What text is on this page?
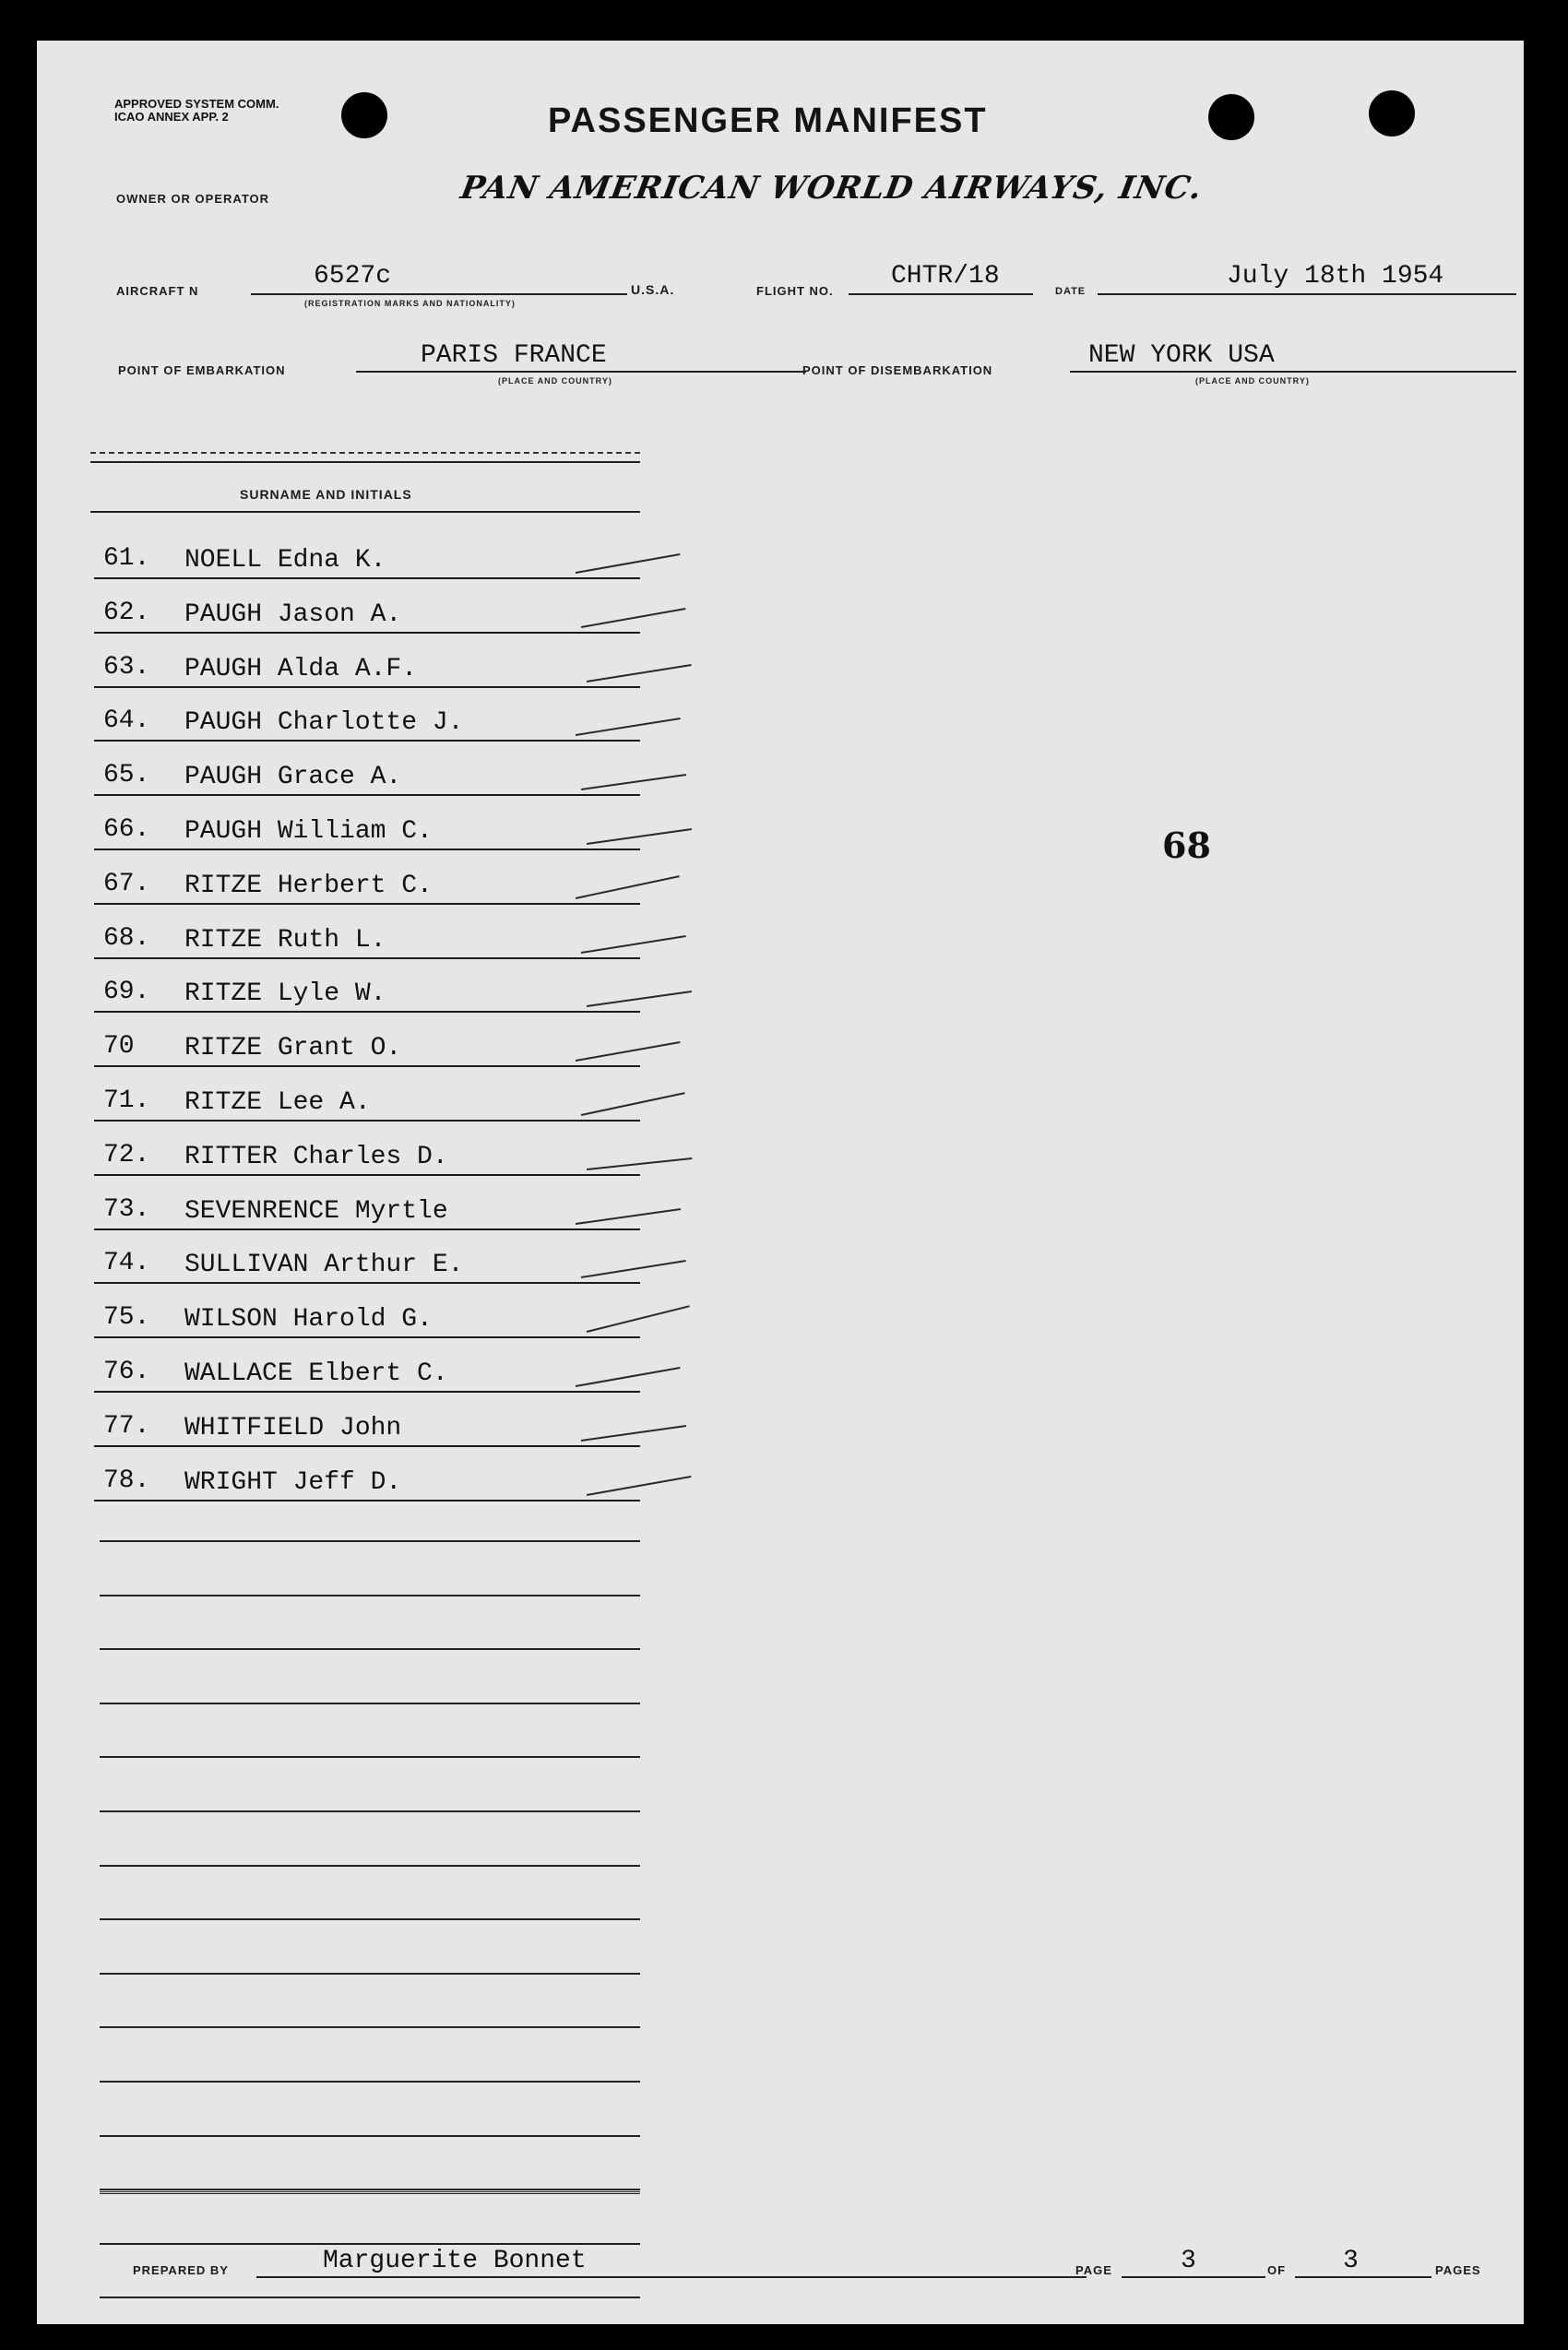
APPROVED SYSTEM COMM. ICAO ANNEX APP. 2	PASSENGER MANIFEST
OWNER OR OPERATOR	PAN AMERICAN WORLD AIRWAYS, INC.
AIRCRAFT N
6527c
(REGISTRATION MARKS AND NATIONALITY)
U.S.A.	FLIGHT NO.
CHTR/18
DATE
July 18th 1954
POINT OF EMBARKATION
PARIS FRANCE
(PLACE AND COUNTRY)
POINT OF DISEMBARKATION
NEW YORK USA
(PLACE AND COUNTRY)
SURNAME AND INITIALS
61.	NOELL Edna K.
62.	PAUGH Jason A.
63.	PAUGH Alda A.F.
64.	PAUGH Charlotte J.
65.	PAUGH Grace A.
66.	PAUGH William C.
67.	RITZE Herbert C.
68.	RITZE Ruth L.
69.	RITZE Lyle W.
70	RITZE Grant O.
71.	RITZE Lee A.
72.	RITTER Charles D.
73.	SEVENRENCE Myrtle
74.	SULLIVAN Arthur E.
75.	WILSON Harold G.
76.	WALLACE Elbert C.
77.	WHITFIELD John
78.	WRIGHT Jeff D.
68
PREPARED BY	Marguerite Bonnet	PAGE	3	OF 3	PAGES
